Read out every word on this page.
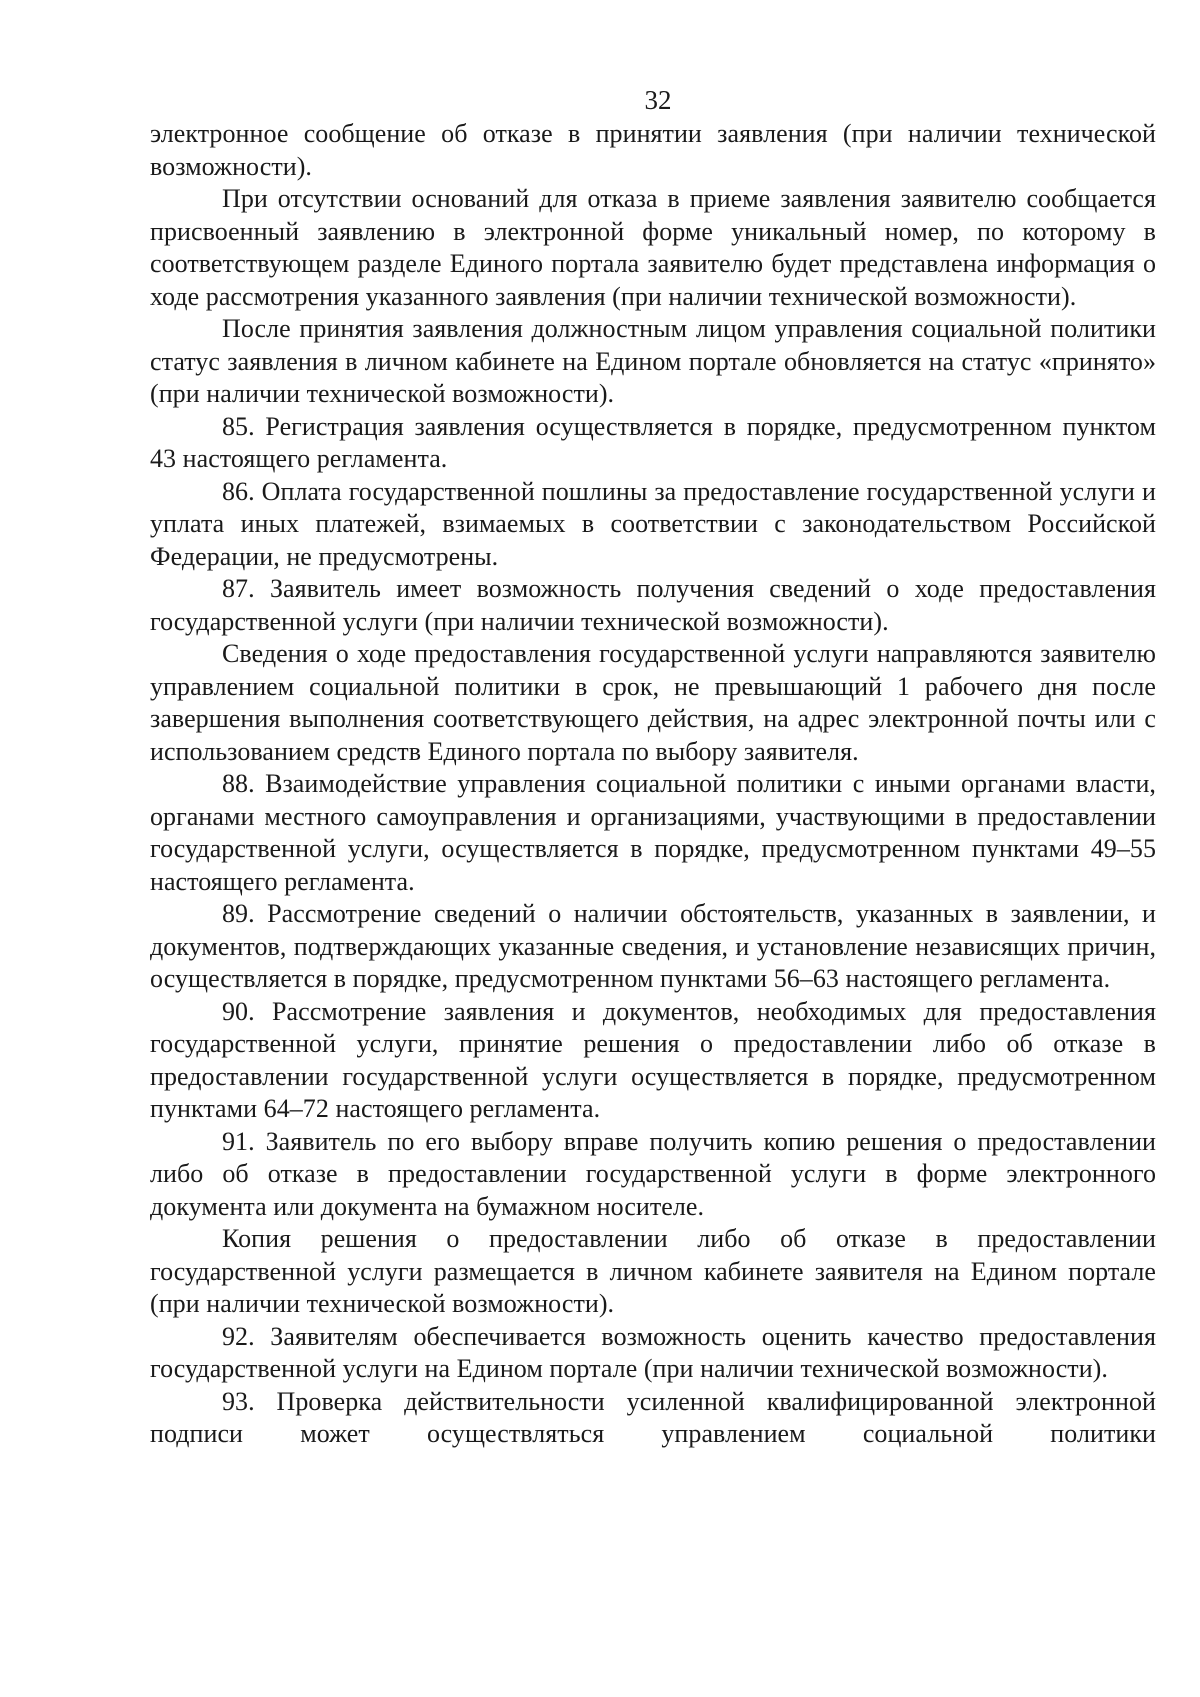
32

электронное сообщение об отказе в принятии заявления (при наличии технической возможности).

При отсутствии оснований для отказа в приеме заявления заявителю сообщается присвоенный заявлению в электронной форме уникальный номер, по которому в соответствующем разделе Единого портала заявителю будет представлена информация о ходе рассмотрения указанного заявления (при наличии технической возможности).

После принятия заявления должностным лицом управления социальной политики статус заявления в личном кабинете на Едином портале обновляется на статус «принято» (при наличии технической возможности).

85. Регистрация заявления осуществляется в порядке, предусмотренном пунктом 43 настоящего регламента.

86. Оплата государственной пошлины за предоставление государственной услуги и уплата иных платежей, взимаемых в соответствии с законодательством Российской Федерации, не предусмотрены.

87. Заявитель имеет возможность получения сведений о ходе предоставления государственной услуги (при наличии технической возможности).

Сведения о ходе предоставления государственной услуги направляются заявителю управлением социальной политики в срок, не превышающий 1 рабочего дня после завершения выполнения соответствующего действия, на адрес электронной почты или с использованием средств Единого портала по выбору заявителя.

88. Взаимодействие управления социальной политики с иными органами власти, органами местного самоуправления и организациями, участвующими в предоставлении государственной услуги, осуществляется в порядке, предусмотренном пунктами 49–55 настоящего регламента.

89. Рассмотрение сведений о наличии обстоятельств, указанных в заявлении, и документов, подтверждающих указанные сведения, и установление независящих причин, осуществляется в порядке, предусмотренном пунктами 56–63 настоящего регламента.

90. Рассмотрение заявления и документов, необходимых для предоставления государственной услуги, принятие решения о предоставлении либо об отказе в предоставлении государственной услуги осуществляется в порядке, предусмотренном пунктами 64–72 настоящего регламента.

91. Заявитель по его выбору вправе получить копию решения о предоставлении либо об отказе в предоставлении государственной услуги в форме электронного документа или документа на бумажном носителе.

Копия решения о предоставлении либо об отказе в предоставлении государственной услуги размещается в личном кабинете заявителя на Едином портале (при наличии технической возможности).

92. Заявителям обеспечивается возможность оценить качество предоставления государственной услуги на Едином портале (при наличии технической возможности).

93. Проверка действительности усиленной квалифицированной электронной подписи может осуществляться управлением социальной политики
